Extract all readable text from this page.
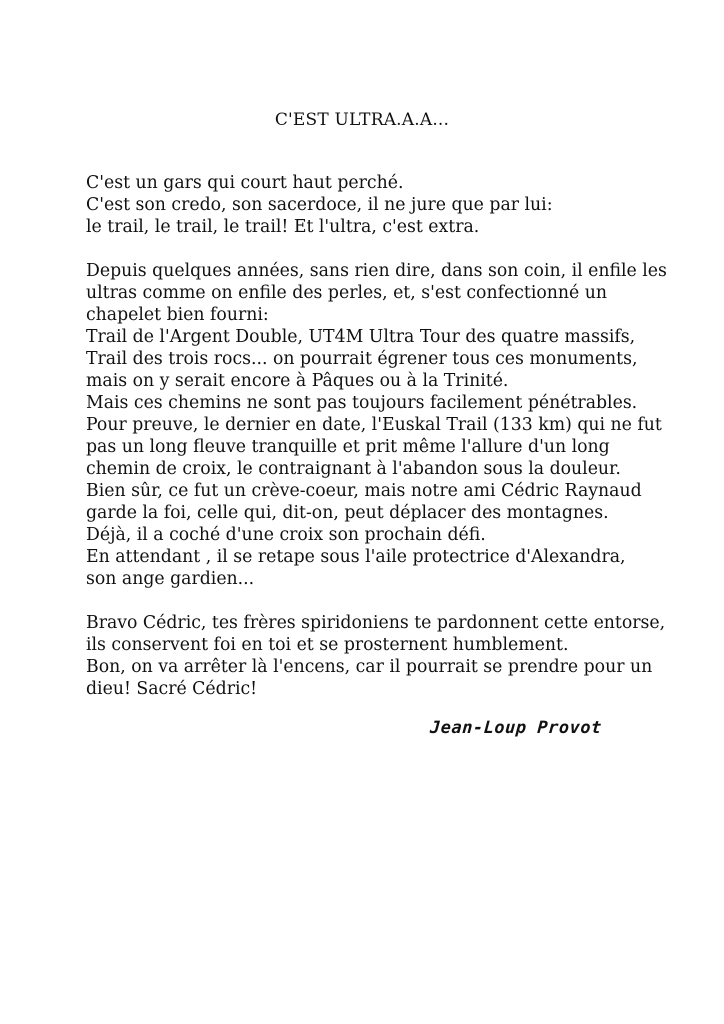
C'EST ULTRA.A.A...

C'est un gars qui court haut perché.
C'est son credo, son sacerdoce, il ne jure que par lui:
le trail, le trail, le trail! Et l'ultra, c'est extra.

Depuis quelques années, sans rien dire, dans son coin, il enfile les
ultras comme on enfile des perles, et, s'est confectionné un
chapelet bien fourni:
Trail de l'Argent Double, UT4M Ultra Tour des quatre massifs,
Trail des trois rocs... on pourrait égrener tous ces monuments,
mais on y serait encore à Pâques ou à la Trinité.
Mais ces chemins ne sont pas toujours facilement pénétrables.
Pour preuve, le dernier en date, l'Euskal Trail (133 km) qui ne fut
pas un long fleuve tranquille et prit même l'allure d'un long
chemin de croix, le contraignant à l'abandon sous la douleur.
Bien sûr, ce fut un crève-coeur, mais notre ami Cédric Raynaud
garde la foi, celle qui, dit-on, peut déplacer des montagnes.
Déjà, il a coché d'une croix son prochain défi.
En attendant , il se retape sous l'aile protectrice d'Alexandra,
son ange gardien...

Bravo Cédric, tes frères spiridoniens te pardonnent cette entorse,
ils conservent foi en toi et se prosternent humblement.
Bon, on va arrêter là l'encens, car il pourrait se prendre pour un
dieu! Sacré Cédric!

Jean-Loup Provot
